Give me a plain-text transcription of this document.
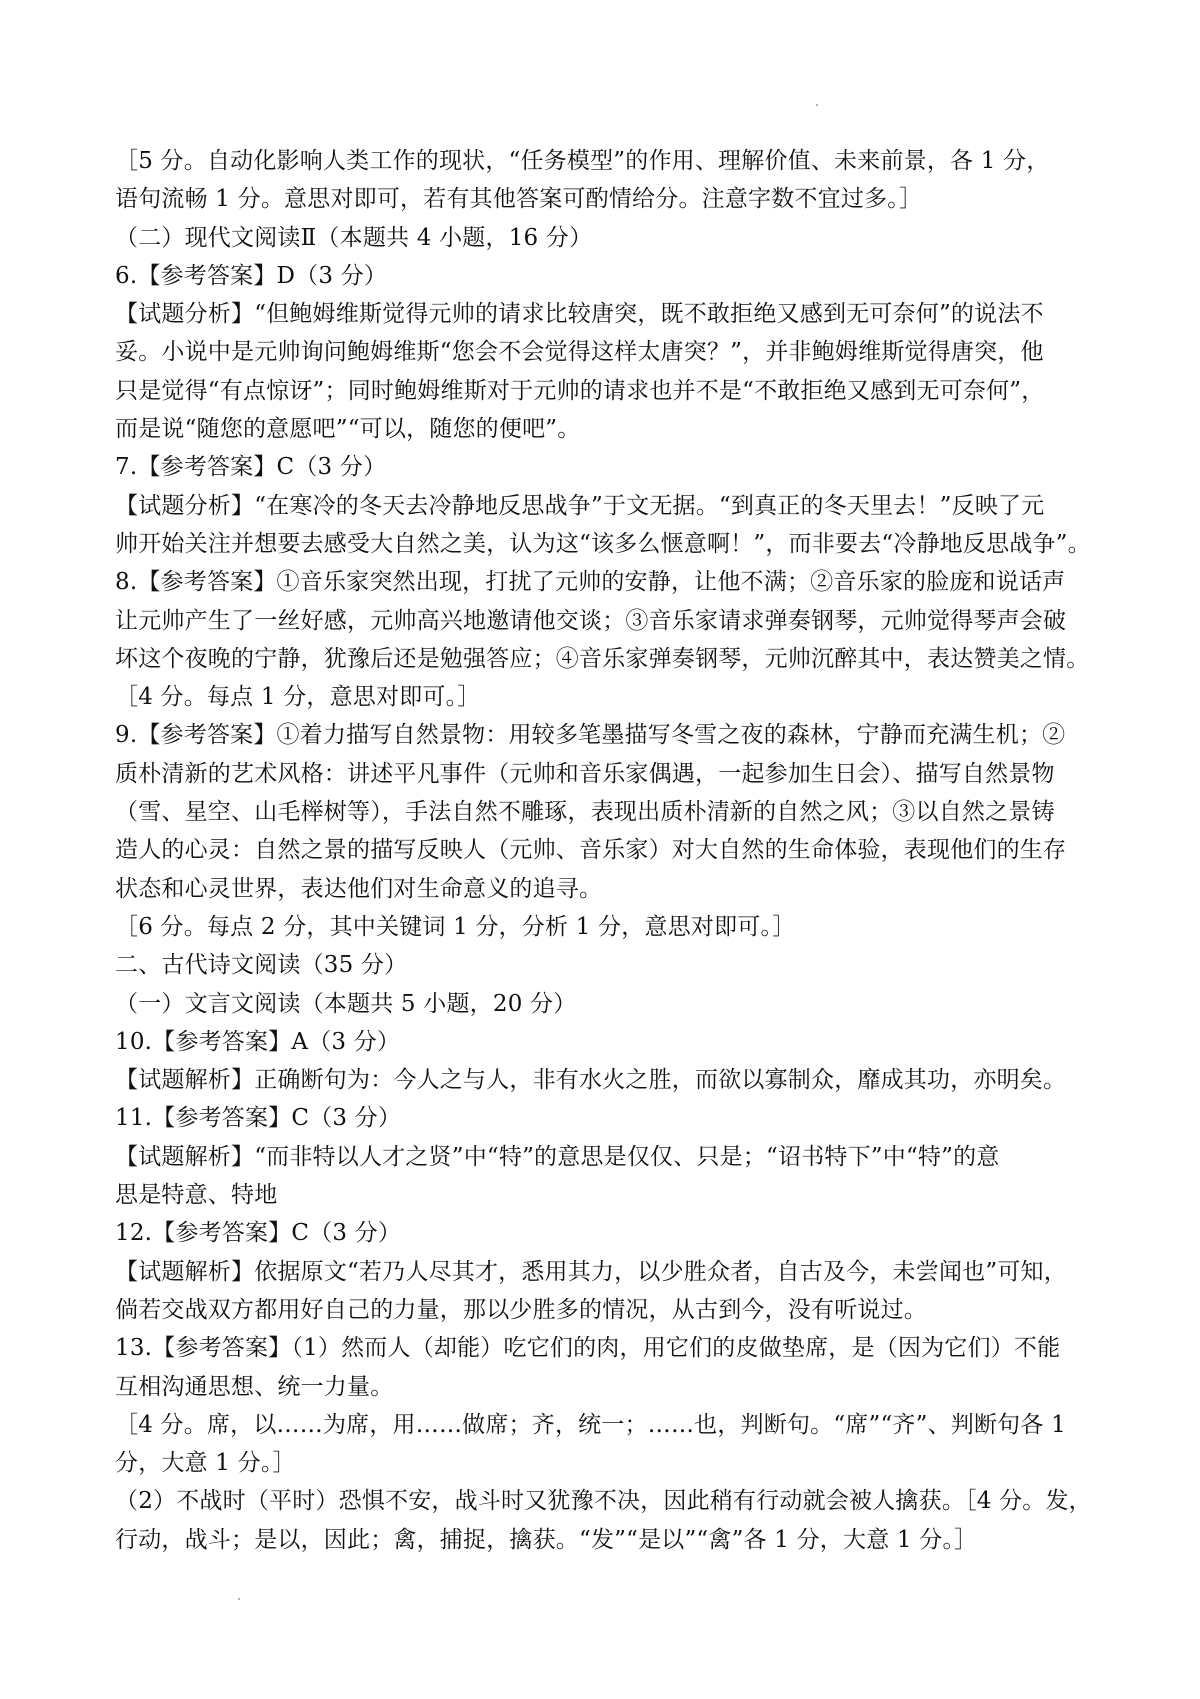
［5 分。自动化影响人类工作的现状，“任务模型”的作用、理解价值、未来前景，各 1 分，
语句流畅 1 分。意思对即可，若有其他答案可酌情给分。注意字数不宜过多。］
（二）现代文阅读Ⅱ（本题共 4 小题，16 分）
6.【参考答案】D（3 分）
【试题分析】“但鲍姆维斯觉得元帅的请求比较唐突，既不敢拒绝又感到无可奈何”的说法不
妥。小说中是元帅询问鲍姆维斯“您会不会觉得这样太唐突？”，并非鲍姆维斯觉得唐突，他
只是觉得“有点惊讶”；同时鲍姆维斯对于元帅的请求也并不是“不敢拒绝又感到无可奈何”，
而是说“随您的意愿吧”“可以，随您的便吧”。
7.【参考答案】C（3 分）
【试题分析】“在寒冷的冬天去冷静地反思战争”于文无据。“到真正的冬天里去！”反映了元
帅开始关注并想要去感受大自然之美，认为这“该多么惬意啊！”，而非要去“冷静地反思战争”。
8.【参考答案】①音乐家突然出现，打扰了元帅的安静，让他不满；②音乐家的脸庞和说话声
让元帅产生了一丝好感，元帅高兴地邀请他交谈；③音乐家请求弹奏钢琴，元帅觉得琴声会破
坏这个夜晚的宁静，犹豫后还是勉强答应；④音乐家弹奏钢琴，元帅沉醉其中，表达赞美之情。
［4 分。每点 1 分，意思对即可。］
9.【参考答案】①着力描写自然景物：用较多笔墨描写冬雪之夜的森林，宁静而充满生机；②
质朴清新的艺术风格：讲述平凡事件（元帅和音乐家偶遇，一起参加生日会）、描写自然景物
（雪、星空、山毛榉树等），手法自然不雕琢，表现出质朴清新的自然之风；③以自然之景铸
造人的心灵：自然之景的描写反映人（元帅、音乐家）对大自然的生命体验，表现他们的生存
状态和心灵世界，表达他们对生命意义的追寻。
［6 分。每点 2 分，其中关键词 1 分，分析 1 分，意思对即可。］
二、古代诗文阅读（35 分）
（一）文言文阅读（本题共 5 小题，20 分）
10.【参考答案】A（3 分）
【试题解析】正确断句为：今人之与人，非有水火之胜，而欲以寡制众，靡成其功，亦明矣。
11.【参考答案】C（3 分）
【试题解析】“而非特以人才之贤”中“特”的意思是仅仅、只是；“诏书特下”中“特”的意
思是特意、特地
12.【参考答案】C（3 分）
【试题解析】依据原文“若乃人尽其才，悉用其力，以少胜众者，自古及今，未尝闻也”可知，
倘若交战双方都用好自己的力量，那以少胜多的情况，从古到今，没有听说过。
13.【参考答案】（1）然而人（却能）吃它们的肉，用它们的皮做垫席，是（因为它们）不能
互相沟通思想、统一力量。
［4 分。席，以……为席，用……做席；齐，统一；……也，判断句。“席”“齐”、判断句各 1
分，大意 1 分。］
（2）不战时（平时）恐惧不安，战斗时又犹豫不决，因此稍有行动就会被人擒获。［4 分。发，
行动，战斗；是以，因此；禽，捕捉，擒获。“发”“是以”“禽”各 1 分，大意 1 分。］
